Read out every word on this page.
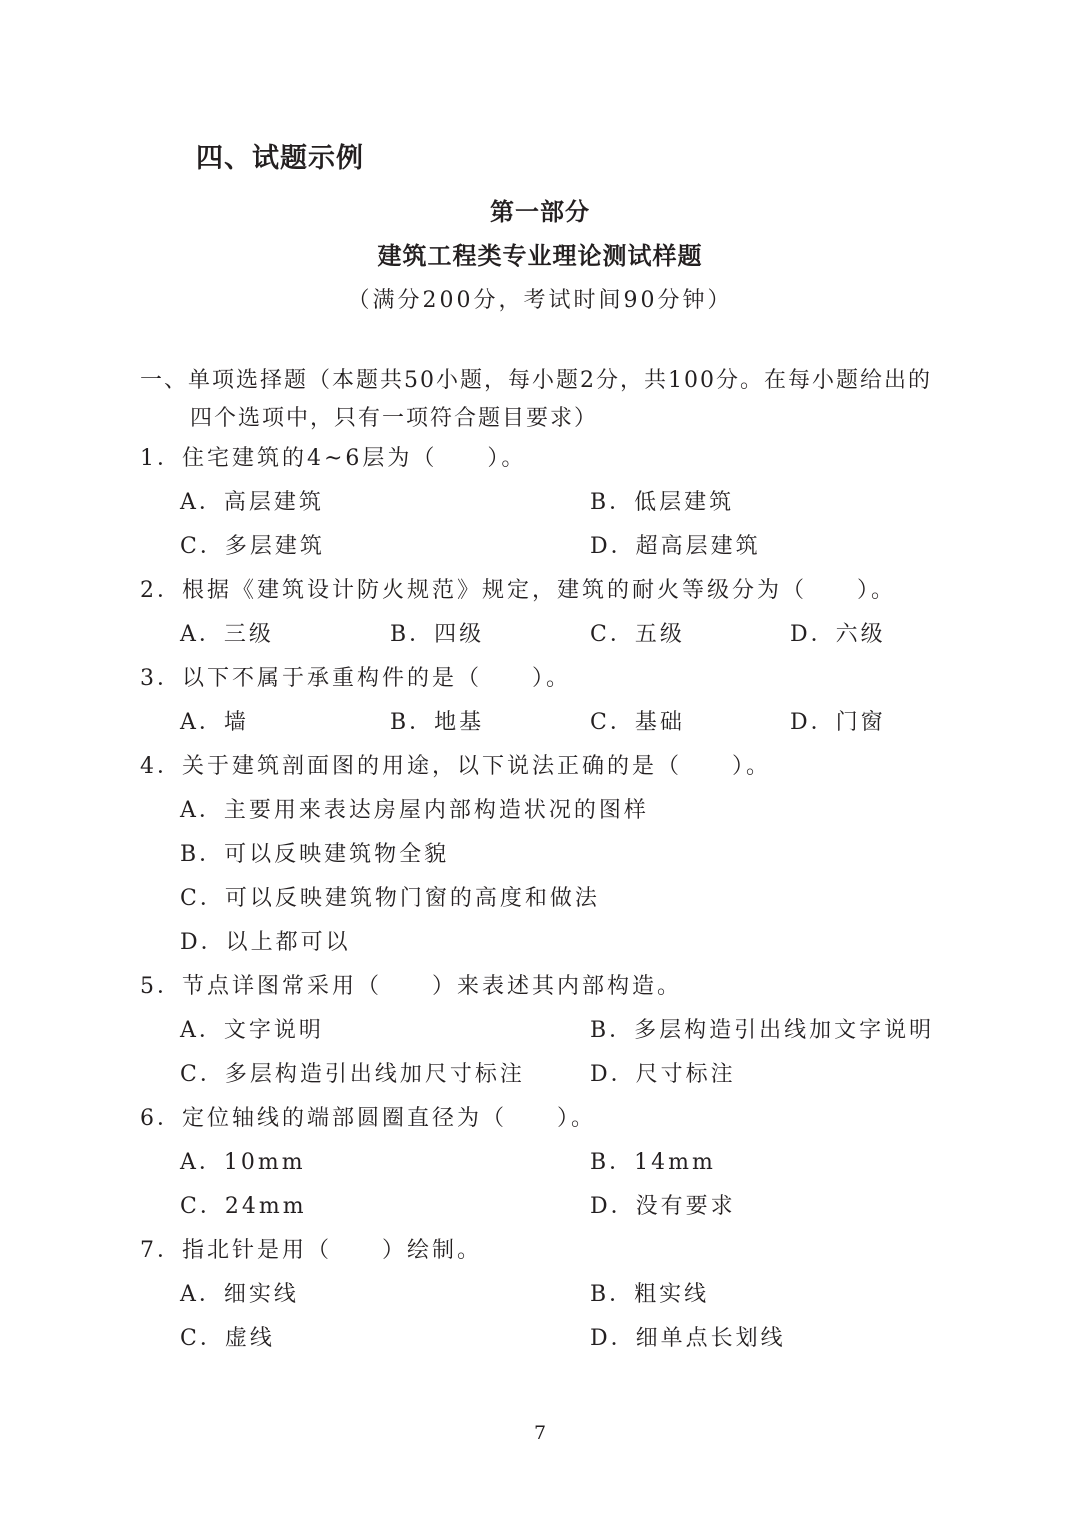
四、试题示例
第一部分
建筑工程类专业理论测试样题
（满分200分，考试时间90分钟）
一、单项选择题（本题共50小题，每小题2分，共100分。在每小题给出的
四个选项中，只有一项符合题目要求）
1．住宅建筑的4~6层为（　　）。
A．高层建筑	B．低层建筑
C．多层建筑	D．超高层建筑
2．根据《建筑设计防火规范》规定，建筑的耐火等级分为（　　）。
A．三级	B．四级	C．五级	D．六级
3．以下不属于承重构件的是（　　）。
A．墙	B．地基	C．基础	D．门窗
4．关于建筑剖面图的用途，以下说法正确的是（　　）。
A．主要用来表达房屋内部构造状况的图样
B．可以反映建筑物全貌
C．可以反映建筑物门窗的高度和做法
D．以上都可以
5．节点详图常采用（　　）来表述其内部构造。
A．文字说明	B．多层构造引出线加文字说明
C．多层构造引出线加尺寸标注	D．尺寸标注
6．定位轴线的端部圆圈直径为（　　）。
A．10mm	B．14mm
C．24mm	D．没有要求
7．指北针是用（　　）绘制。
A．细实线	B．粗实线
C．虚线	D．细单点长划线
7
